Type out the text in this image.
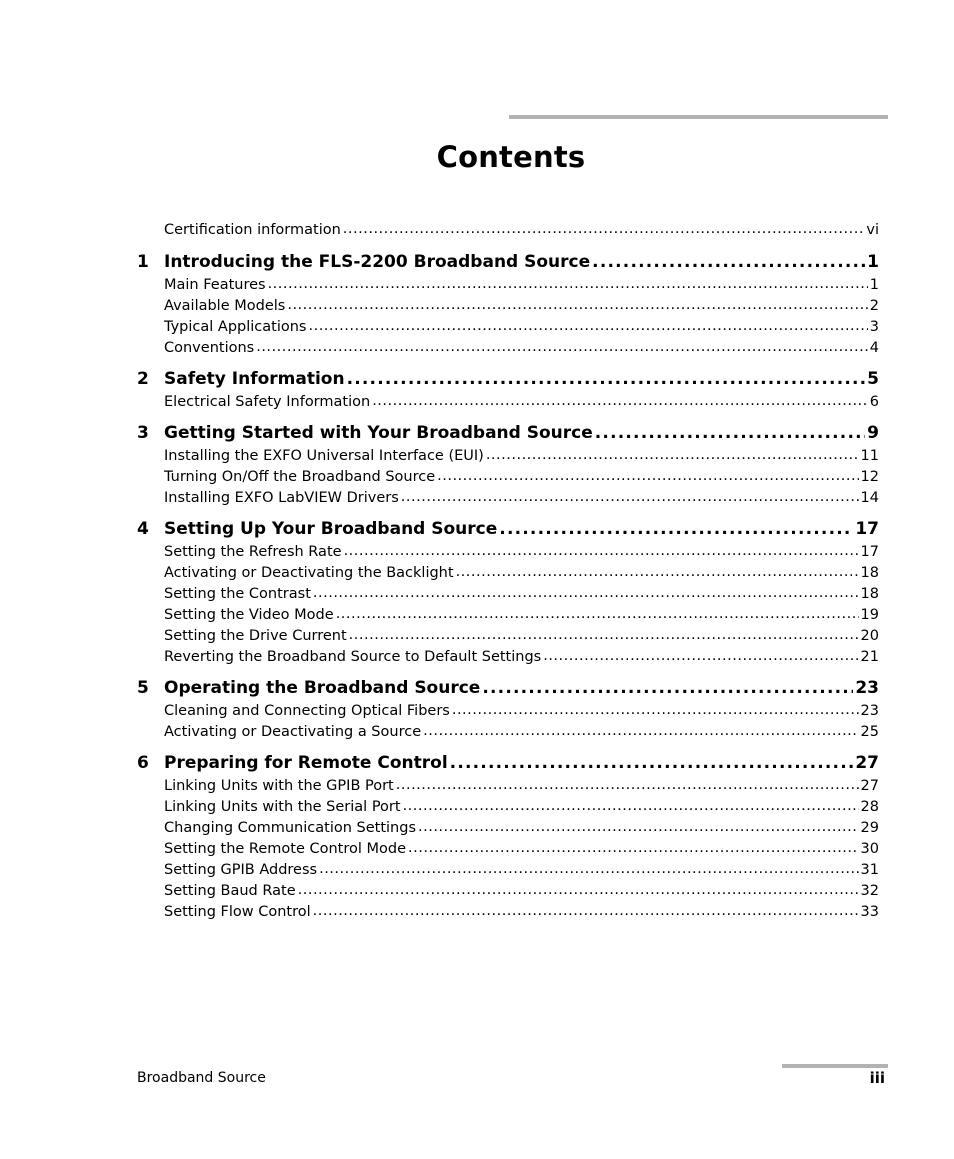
Contents
Certification information .....	vi
1 Introducing the FLS-2200 Broadband Source .....	1
Main Features .....	1
Available Models .....	2
Typical Applications .....	3
Conventions .....	4
2 Safety Information .....	5
Electrical Safety Information .....	6
3 Getting Started with Your Broadband Source .....	9
Installing the EXFO Universal Interface (EUI) .....	11
Turning On/Off the Broadband Source .....	12
Installing EXFO LabVIEW Drivers .....	14
4 Setting Up Your Broadband Source .....	17
Setting the Refresh Rate .....	17
Activating or Deactivating the Backlight .....	18
Setting the Contrast .....	18
Setting the Video Mode .....	19
Setting the Drive Current .....	20
Reverting the Broadband Source to Default Settings .....	21
5 Operating the Broadband Source .....	23
Cleaning and Connecting Optical Fibers .....	23
Activating or Deactivating a Source .....	25
6 Preparing for Remote Control .....	27
Linking Units with the GPIB Port .....	27
Linking Units with the Serial Port .....	28
Changing Communication Settings .....	29
Setting the Remote Control Mode .....	30
Setting GPIB Address .....	31
Setting Baud Rate .....	32
Setting Flow Control .....	33
Broadband Source	iii
